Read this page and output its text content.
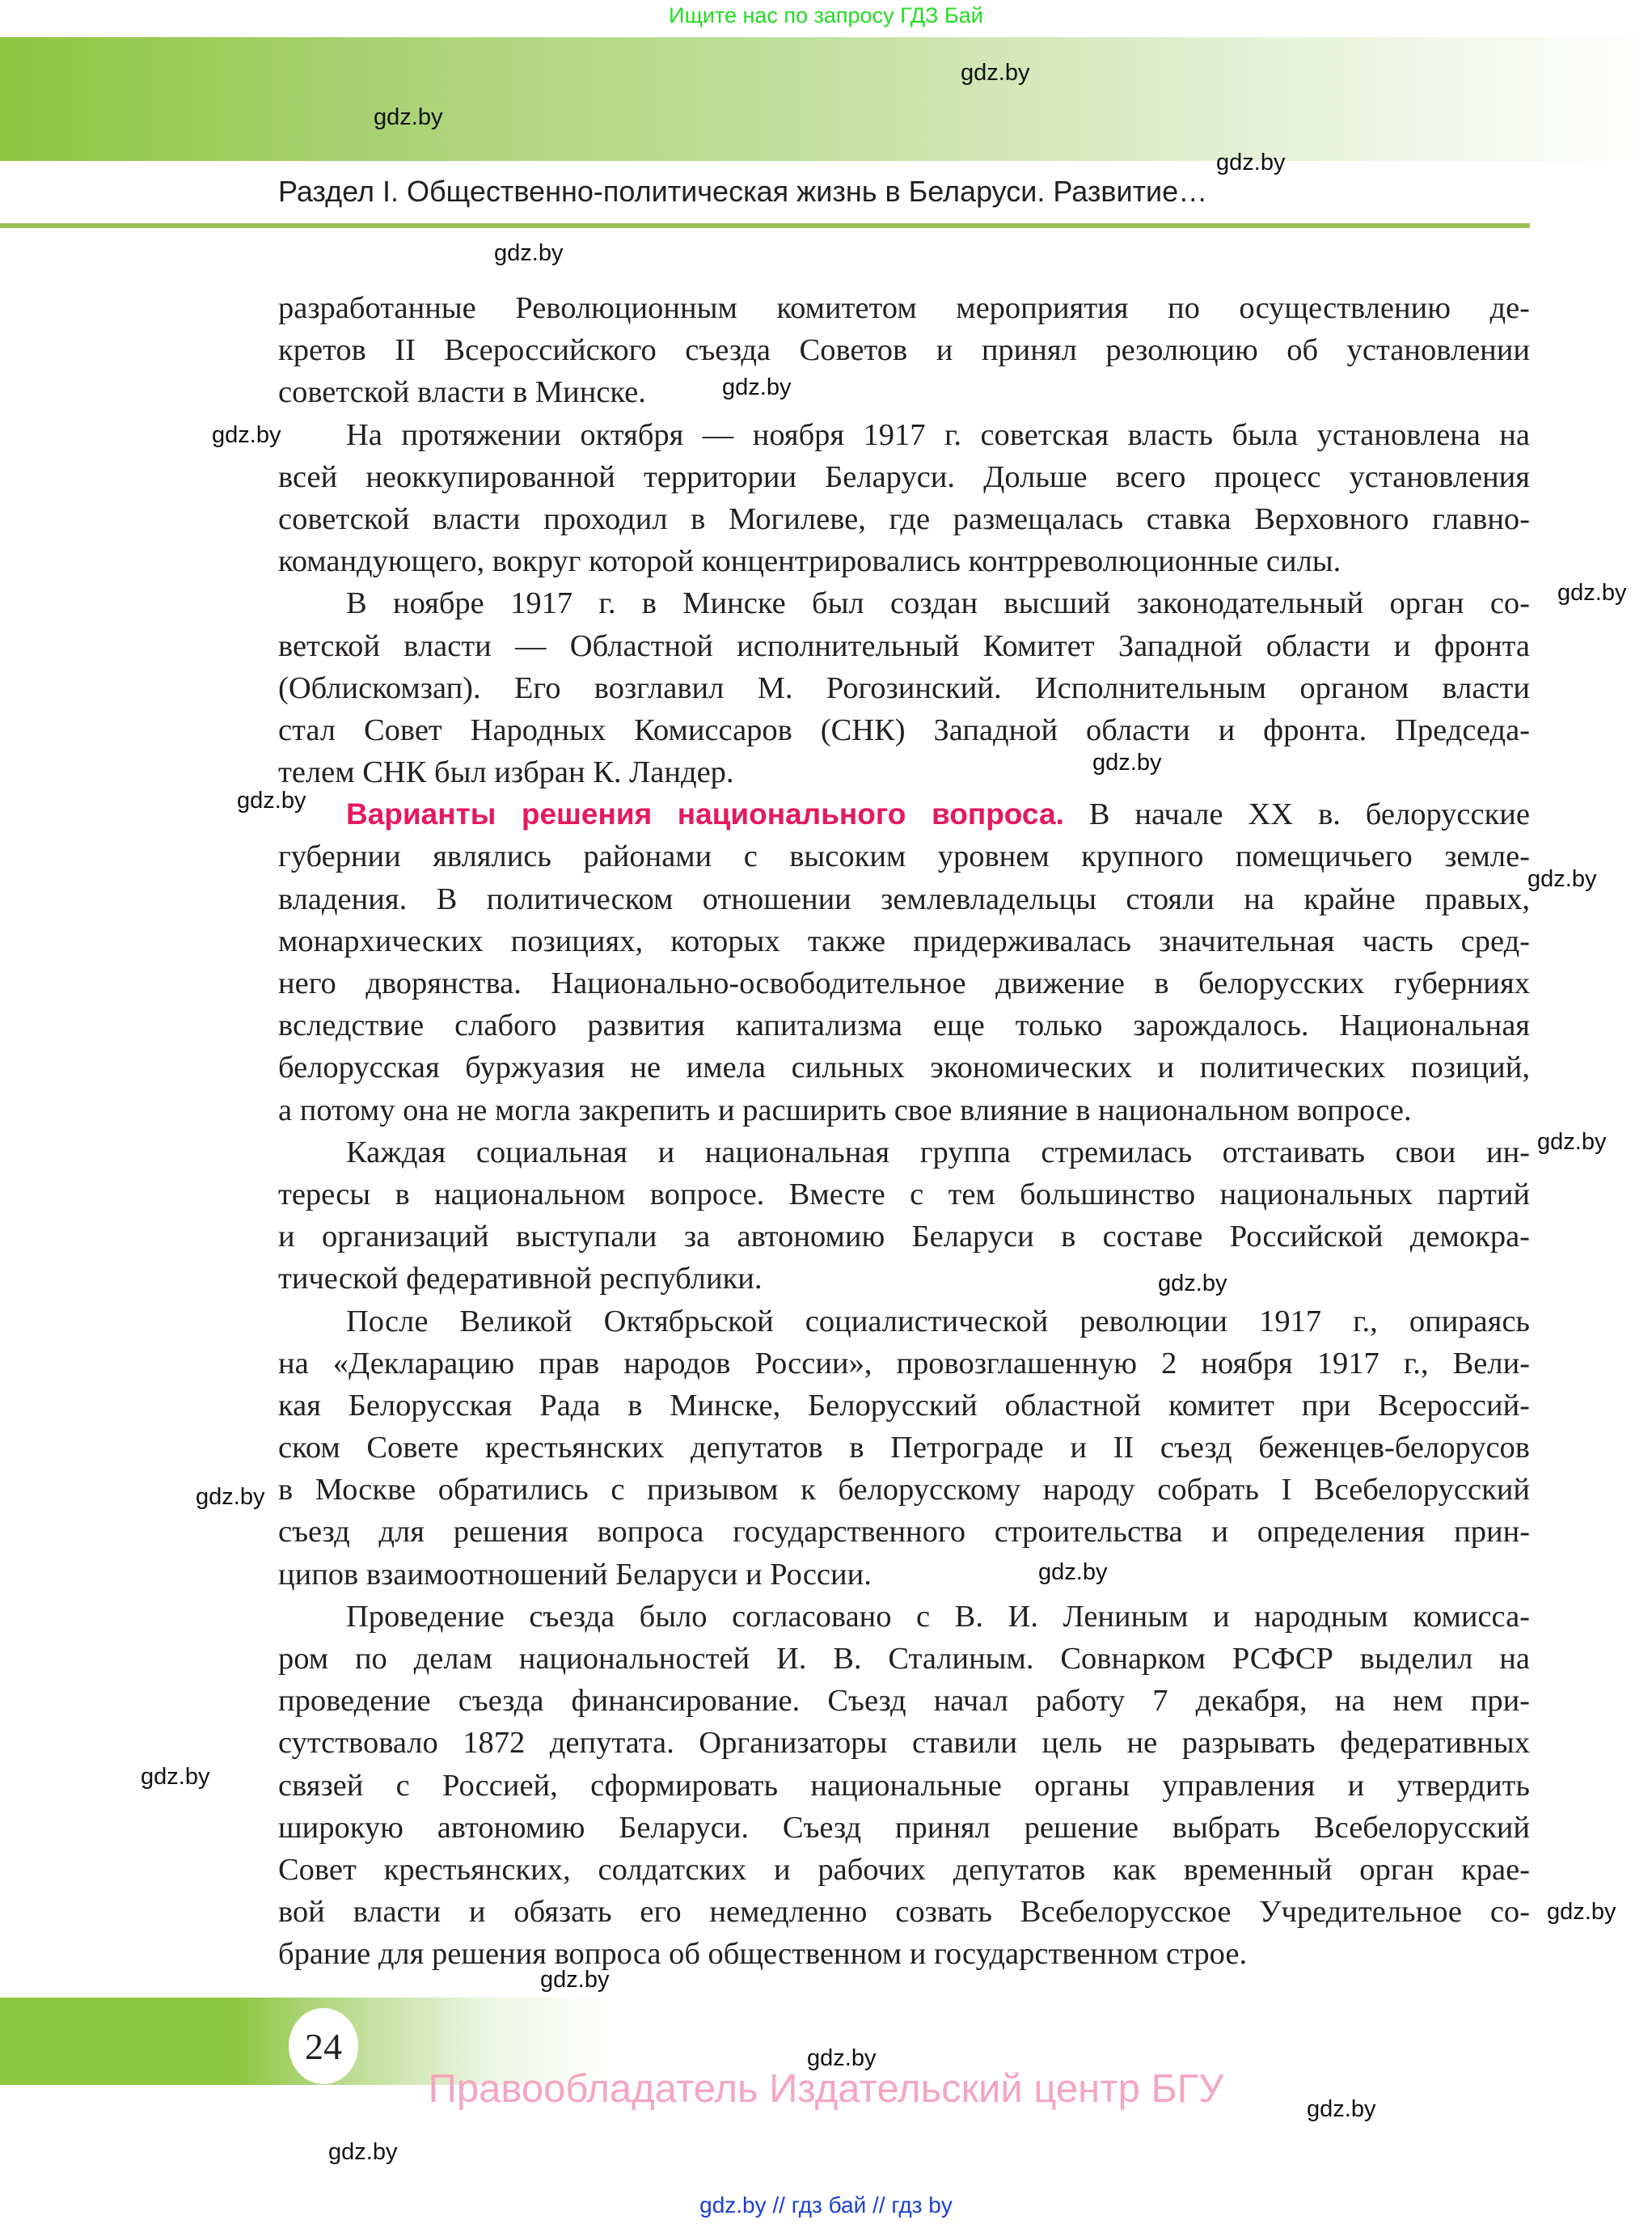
Ищите нас по запросу ГДЗ Бай
Раздел I. Общественно-политическая жизнь в Беларуси. Развитие…
разработанные Революционным комитетом мероприятия по осуществлению де-
кретов II Всероссийского съезда Советов и принял резолюцию об установлении
советской власти в Минске.
На протяжении октября — ноября 1917 г. советская власть была установлена на
всей неоккупированной территории Беларуси. Дольше всего процесс установления
советской власти проходил в Могилеве, где размещалась ставка Верховного главно-
командующего, вокруг которой концентрировались контрреволюционные силы.
В ноябре 1917 г. в Минске был создан высший законодательный орган со-
ветской власти — Областной исполнительный Комитет Западной области и фронта
(Облискомзап). Его возглавил М. Рогозинский. Исполнительным органом власти
стал Совет Народных Комиссаров (СНК) Западной области и фронта. Председа-
телем СНК был избран К. Ландер.
Варианты решения национального вопроса. В начале XX в. белорусские
губернии являлись районами с высоким уровнем крупного помещичьего земле-
владения. В политическом отношении землевладельцы стояли на крайне правых,
монархических позициях, которых также придерживалась значительная часть сред-
него дворянства. Национально-освободительное движение в белорусских губерниях
вследствие слабого развития капитализма еще только зарождалось. Национальная
белорусская буржуазия не имела сильных экономических и политических позиций,
а потому она не могла закрепить и расширить свое влияние в национальном вопросе.
Каждая социальная и национальная группа стремилась отстаивать свои ин-
тересы в национальном вопросе. Вместе с тем большинство национальных партий
и организаций выступали за автономию Беларуси в составе Российской демокра-
тической федеративной республики.
После Великой Октябрьской социалистической революции 1917 г., опираясь
на «Декларацию прав народов России», провозглашенную 2 ноября 1917 г., Вели-
кая Белорусская Рада в Минске, Белорусский областной комитет при Всероссий-
ском Совете крестьянских депутатов в Петрограде и II съезд беженцев-белорусов
в Москве обратились с призывом к белорусскому народу собрать I Всебелорусский
съезд для решения вопроса государственного строительства и определения прин-
ципов взаимоотношений Беларуси и России.
Проведение съезда было согласовано с В. И. Лениным и народным комисса-
ром по делам национальностей И. В. Сталиным. Совнарком РСФСР выделил на
проведение съезда финансирование. Съезд начал работу 7 декабря, на нем при-
сутствовало 1872 депутата. Организаторы ставили цель не разрывать федеративных
связей с Россией, сформировать национальные органы управления и утвердить
широкую автономию Беларуси. Съезд принял решение выбрать Всебелорусский
Совет крестьянских, солдатских и рабочих депутатов как временный орган крае-
вой власти и обязать его немедленно созвать Всебелорусское Учредительное со-
брание для решения вопроса об общественном и государственном строе.
24
Правообладатель Издательский центр БГУ
gdz.by // гдз бай // гдз by
gdz.by
gdz.by
gdz.by
gdz.by
gdz.by
gdz.by
gdz.by
gdz.by
gdz.by
gdz.by
gdz.by
gdz.by
gdz.by
gdz.by
gdz.by
gdz.by
gdz.by
gdz.by
gdz.by
gdz.by
